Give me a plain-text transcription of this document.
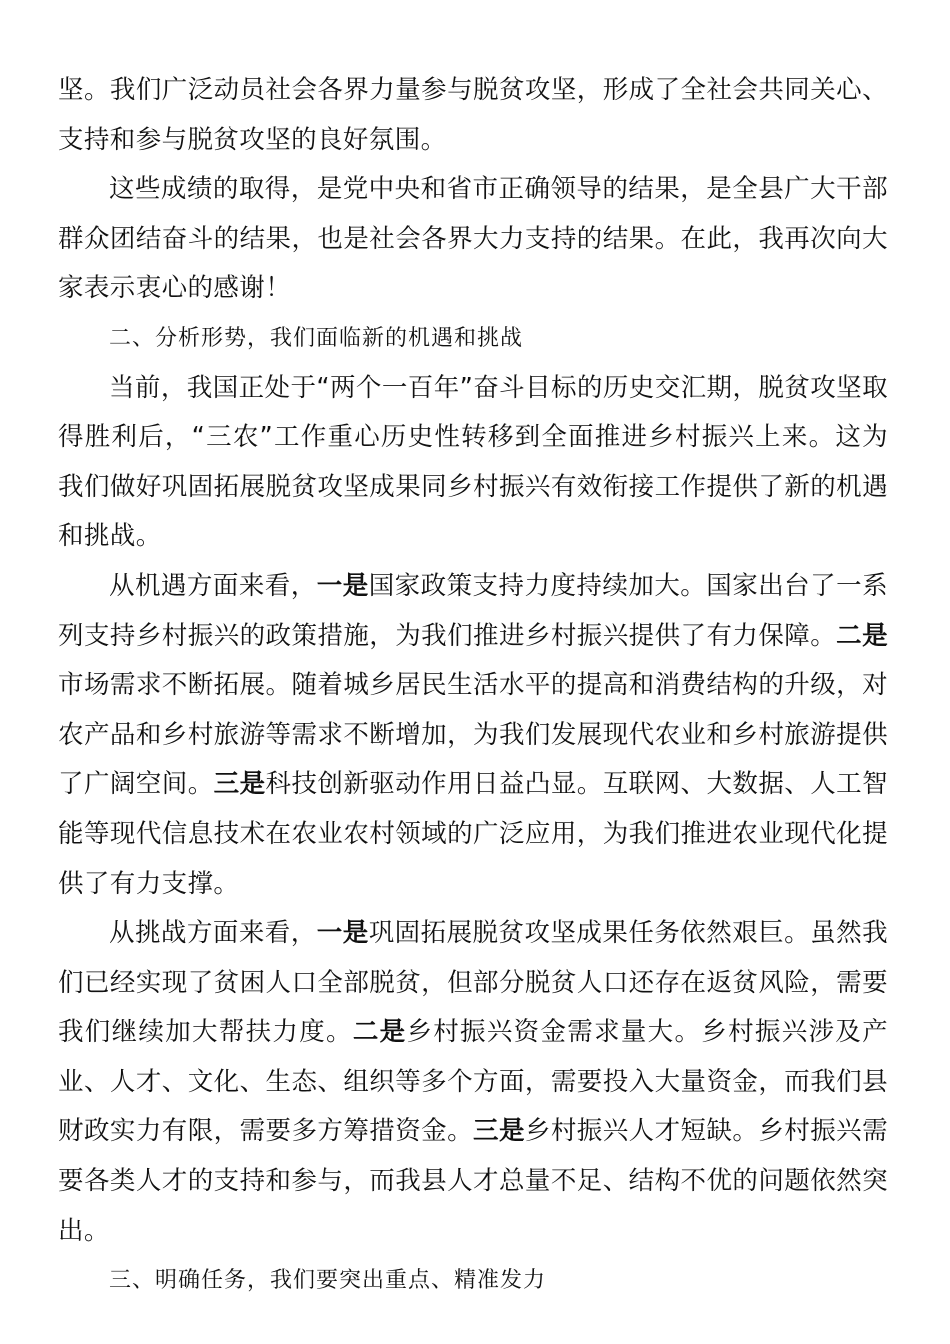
坚。我们广泛动员社会各界力量参与脱贫攻坚，形成了全社会共同关心、支持和参与脱贫攻坚的良好氛围。

这些成绩的取得，是党中央和省市正确领导的结果，是全县广大干部群众团结奋斗的结果，也是社会各界大力支持的结果。在此，我再次向大家表示衷心的感谢！

二、分析形势，我们面临新的机遇和挑战

当前，我国正处于“两个一百年”奋斗目标的历史交汇期，脱贫攻坚取得胜利后，“三农”工作重心历史性转移到全面推进乡村振兴上来。这为我们做好巩固拓展脱贫攻坚成果同乡村振兴有效衔接工作提供了新的机遇和挑战。

从机遇方面来看，一是国家政策支持力度持续加大。国家出台了一系列支持乡村振兴的政策措施，为我们推进乡村振兴提供了有力保障。二是市场需求不断拓展。随着城乡居民生活水平的提高和消费结构的升级，对农产品和乡村旅游等需求不断增加，为我们发展现代农业和乡村旅游提供了广阔空间。三是科技创新驱动作用日益凸显。互联网、大数据、人工智能等现代信息技术在农业农村领域的广泛应用，为我们推进农业现代化提供了有力支撑。

从挑战方面来看，一是巩固拓展脱贫攻坚成果任务依然艰巨。虽然我们已经实现了贫困人口全部脱贫，但部分脱贫人口还存在返贫风险，需要我们继续加大帮扶力度。二是乡村振兴资金需求量大。乡村振兴涉及产业、人才、文化、生态、组织等多个方面，需要投入大量资金，而我们县财政实力有限，需要多方筹措资金。三是乡村振兴人才短缺。乡村振兴需要各类人才的支持和参与，而我县人才总量不足、结构不优的问题依然突出。

三、明确任务，我们要突出重点、精准发力
